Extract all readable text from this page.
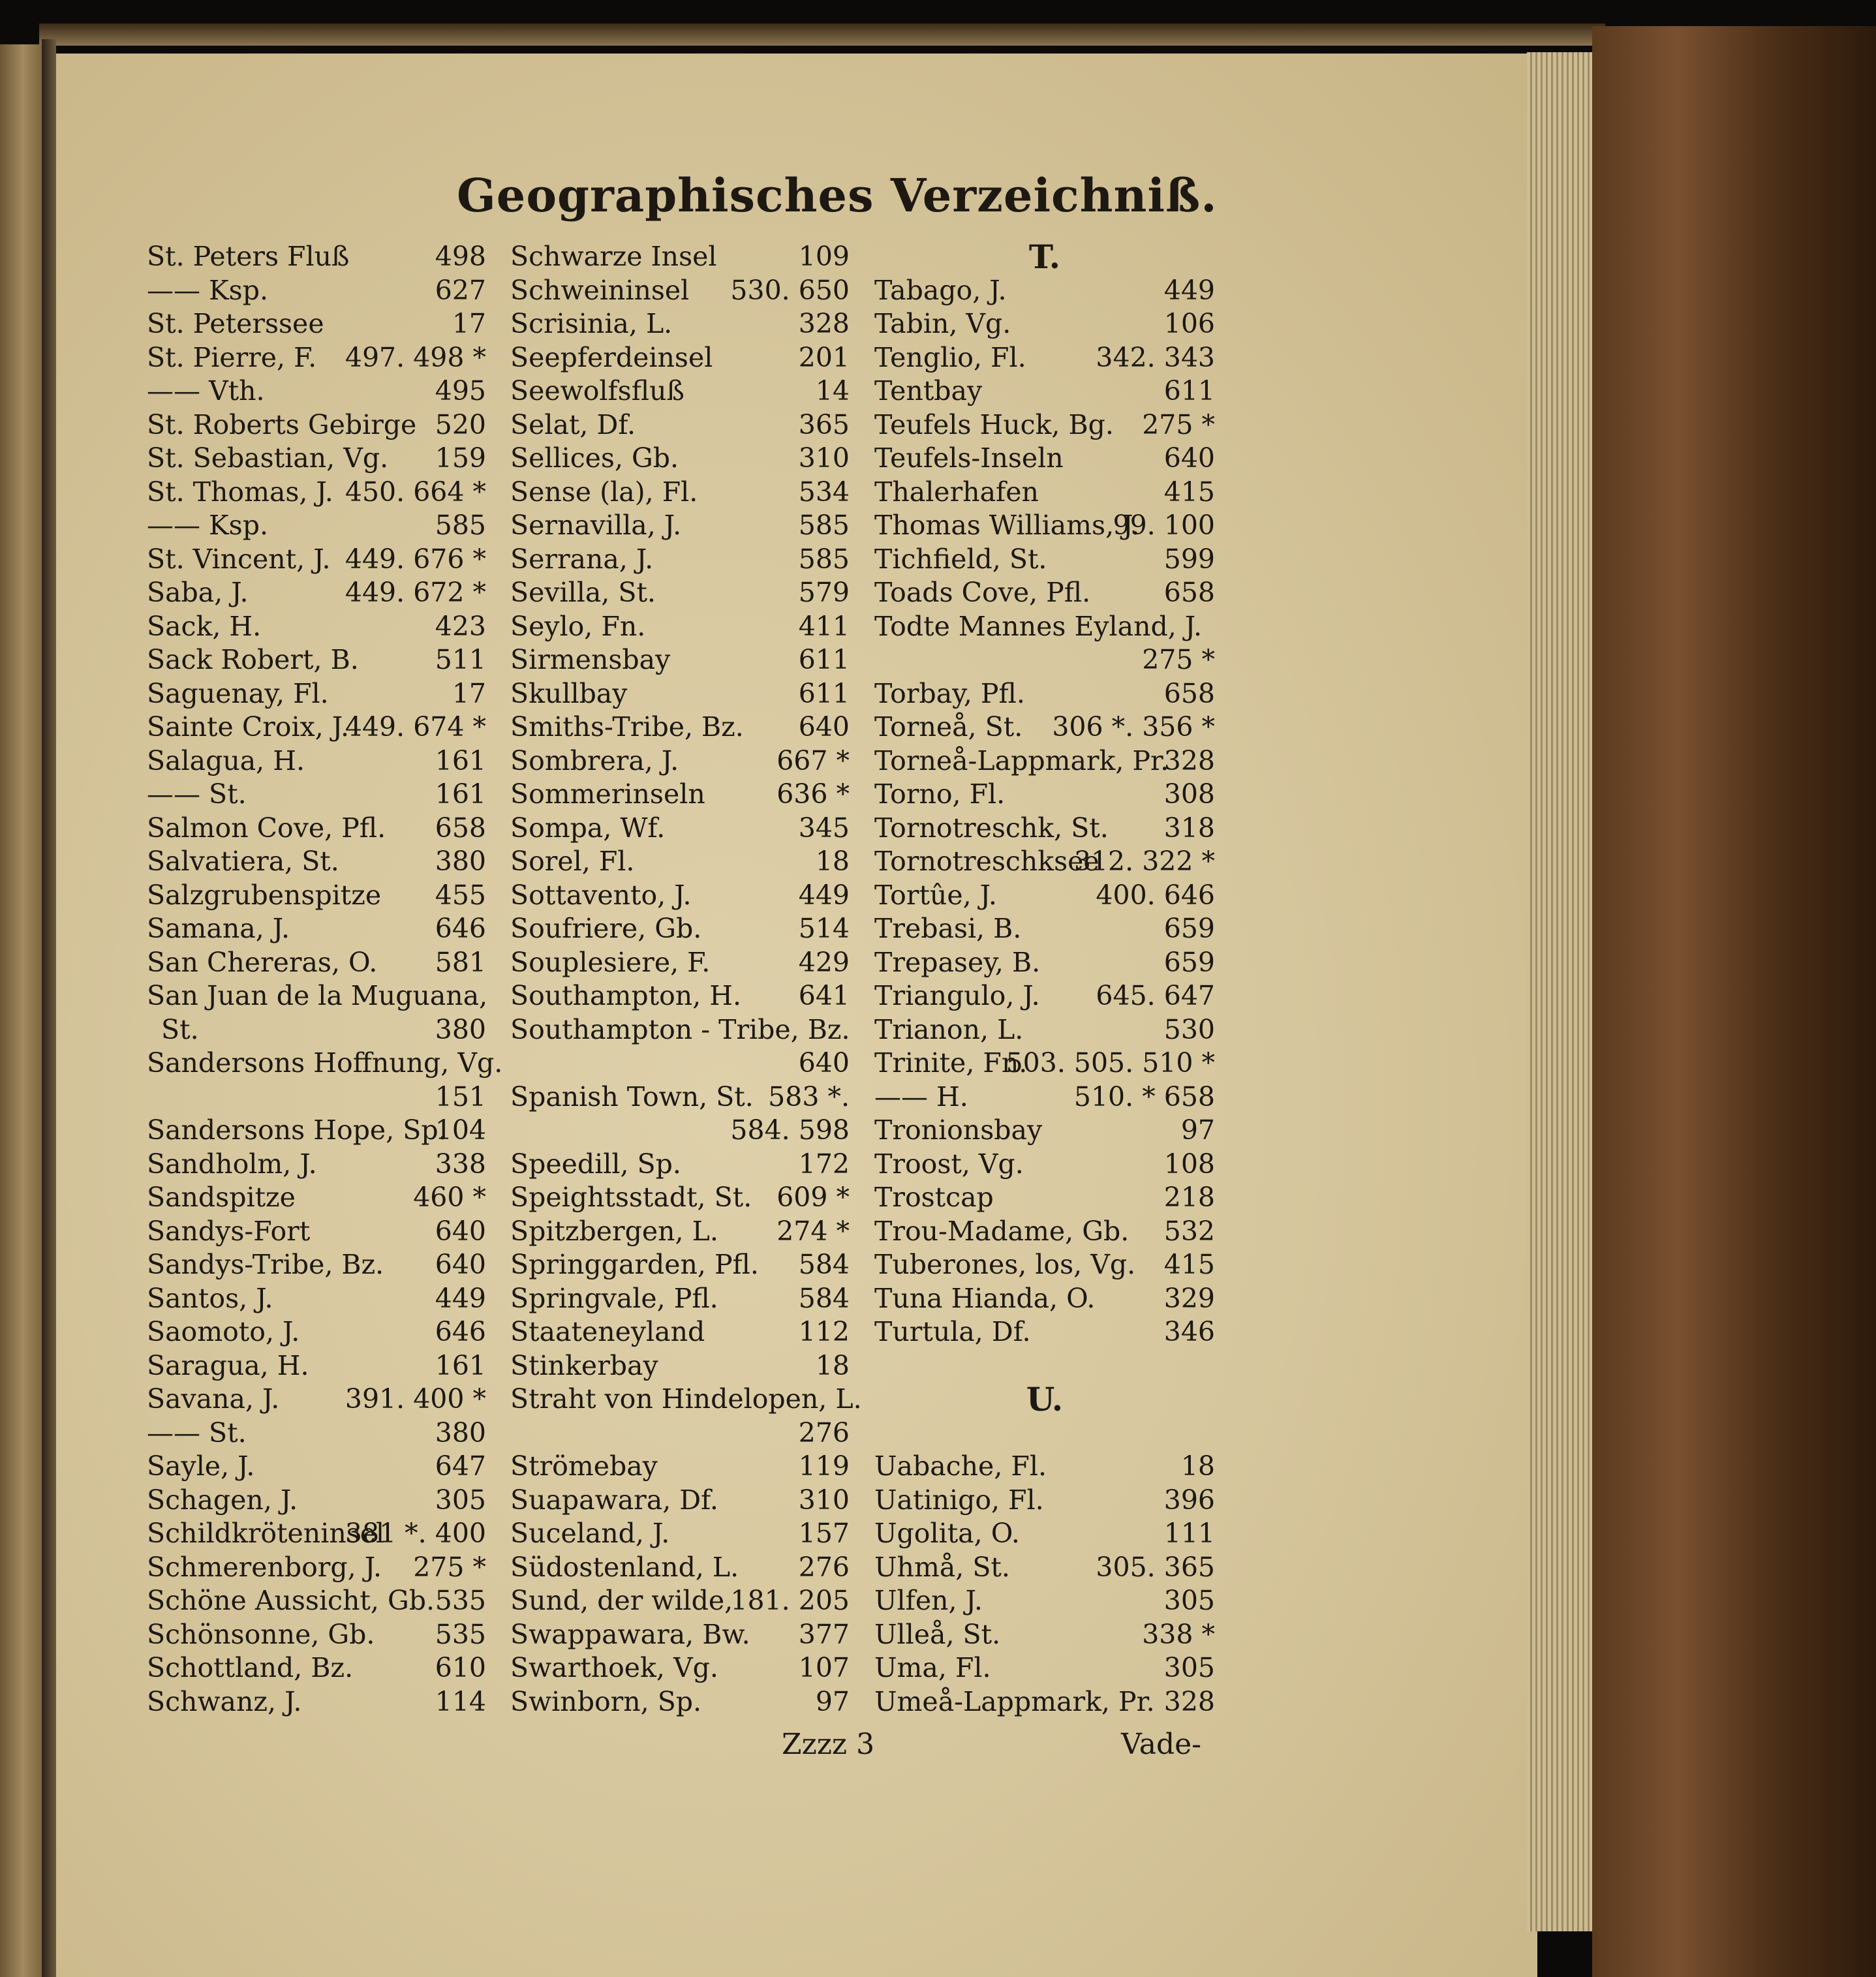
Geographisches Verzeichniß.
St. Peters Fluß	498
—— Ksp.	627
St. Peterssee	17
St. Pierre, F. 497. 498 *
—— Vth.	495
St. Roberts Gebirge 520
St. Sebastian, Vg. 159
St. Thomas, J. 450. 664 *
—— Ksp.	585
St. Vincent, J. 449. 676 *
Saba, J.	449. 672 *
Sack, H.	423
Sack Robert, B.	511
Saguenay, Fl.	17
Sainte Croix, J.
449. 674 *
Salagua, H.	161
—— St.	161
Salmon Cove, Pfl. 658
Salvatiera, St.	380
Salzgrubenspitze 455
Samana, J.	646
San Chereras, O. 581
San Juan de la Muguana,
St.	380
Sandersons Hoffnung, Vg.
151
Sandersons Hope, Sp.
104
Sandholm, J.	338
Sandspitze	460 *
Sandys-Fort	640
Sandys-Tribe, Bz. 640
Santos, J.	449
Saomoto, J.	646
Saragua, H.	161
Savana, J. 391. 400 *
—— St.	380
Sayle, J.	647
Schagen, J.	305
Schildkröteninsel
381 *. 400
Schmerenborg, J. 275 *
Schöne Aussicht, Gb. 535
Schönsonne, Gb. 535
Schottland, Bz.	610
Schwanz, J.	114
Schwarze Insel	109
Schweininsel 530. 650
Scrisinia, L.	328
Seepferdeinsel	201
Seewolfsfluß	14
Selat, Df.	365
Sellices, Gb.	310
Sense (la), Fl.	534
Sernavilla, J.	585
Serrana, J.	585
Sevilla, St.	579
Seylo, Fn.	411
Sirmensbay	611
Skullbay	611
Smiths-Tribe, Bz. 640
Sombrera, J.	667 *
Sommerinseln	636 *
Sompa, Wf.	345
Sorel, Fl.	18
Sottavento, J.	449
Soufriere, Gb.	514
Souplesiere, F.	429
Southampton, H. 641
Southampton - Tribe, Bz.
640
Spanish Town, St. 583 *.
584. 598
Speedill, Sp.	172
Speightsstadt, St. 609 *
Spitzbergen, L. 274 *
Springgarden, Pfl. 584
Springvale, Pfl.	584
Staateneyland	112
Stinkerbay	18
Straht von Hindelopen, L.
276
Strömebay	119
Suapawara, Df.	310
Suceland, J.	157
Südostenland, L. 276
Sund, der wilde,
181. 205
Swappawara, Bw. 377
Swarthoek, Vg.	107
Swinborn, Sp.	97
T.
Tabago, J.	449
Tabin, Vg.	106
Tenglio, Fl.	342. 343
Tentbay	611
Teufels Huck, Bg. 275 *
Teufels-Inseln	640
Thalerhafen	415
Thomas Williams, J.
99. 100
Tichfield, St.	599
Toads Cove, Pfl.	658
Todte Mannes Eyland, J.
275 *
Torbay, Pfl.	658
Torneå, St. 306 *. 356 *
Torneå-Lappmark, Pr.
328
Torno, Fl.	308
Tornotreschk, St. 318
Tornotreschksee
312. 322 *
Tortûe, J.	400. 646
Trebasi, B.	659
Trepasey, B.	659
Triangulo, J. 645. 647
Trianon, L.	530
Trinite, Fn.
503. 505. 510 *
—— H.	510. * 658
Tronionsbay	97
Troost, Vg.	108
Trostcap	218
Trou-Madame, Gb. 532
Tuberones, los, Vg. 415
Tuna Hianda, O.	329
Turtula, Df.	346
U.
Uabache, Fl.	18
Uatinigo, Fl.	396
Ugolita, O.	111
Uhmå, St.	305. 365
Ulfen, J.	305
Ulleå, St.	338 *
Uma, Fl.	305
Umeå-Lappmark, Pr. 328
Zzzz 3	Vade-
